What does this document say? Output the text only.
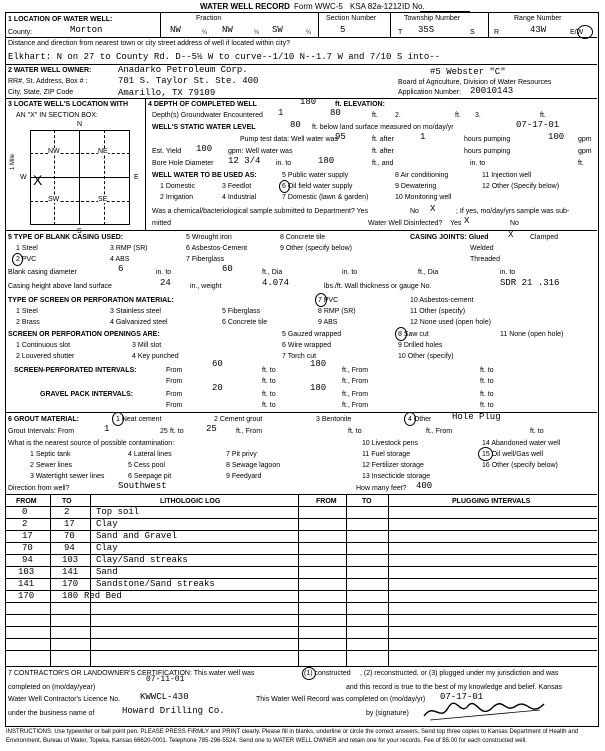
WATER WELL RECORD Form WWC-5 KSA 82a-1212 ID No.
1 LOCATION OF WATER WELL:
County:	Morton
Fraction
NW	¼ NW	¼ SW	¼
Section Number
5
Township Number
T 35S	S
Range Number
R	43W	E/W
Distance and direction from nearest town or city street address of well if located within city?
Elkhart: N on 27 to County Rd. D--5½ W to curve--1/10 N--1.7 W and 7/10 S into--
2 WATER WELL OWNER:	Anadarko Petroleum Corp.
RR#, St. Address, Box # :	701 S. Taylor St. Ste. 400
City, State, ZIP Code	Amarillo, TX 79109
#5 Webster "C"
Board of Agriculture, Division of Water Resources
Application Number: 20010143
3 LOCATE WELL'S LOCATION WITH
AN "X" IN SECTION BOX:
N
S
W	E
NW	NE
SW	SE
X
1 Mile
4 DEPTH OF COMPLETED WELL	180	ft. ELEVATION:
Depth(s) Groundwater Encountered 1	80	ft. 2.	ft. 3.	ft.
WELL'S STATIC WATER LEVEL	80 ft. below land surface measured on mo/day/yr	07-17-01
Pump test data: Well water was
95	ft. after	1	hours pumping	100 gpm
Est. Yield 100 gpm: Well water was	ft. after	hours pumping	gpm
Bore Hole Diameter 12 3/4 in. to	180	ft., and	in. to	ft.
WELL WATER TO BE USED AS:
1 Domestic
2 Irrigation
3 Feedlot
4 Industrial
5 Public water supply
6 Oil field water supply
7 Domestic (lawn & garden)
8 Air conditioning
9 Dewatering
10 Monitoring well
11 Injection well
12 Other (Specify below)
Was a chemical/bacteriological sample submitted to Department? Yes	No X	; If yes, mo/day/yrs sample was sub-
mitted	Water Well Disinfected? Yes X	No
5 TYPE OF BLANK CASING USED:
1 Steel
2 PVC
3 RMP (SR)
4 ABS
5 Wrought iron
6 Asbestos-Cement
7 Fiberglass
8 Concrete tile
9 Other (specify below)
CASING JOINTS: Glued X Clamped
Welded
Threaded
Blank casing diameter	6	in. to	60	ft., Dia	in. to	ft., Dia	in. to
Casing height above land surface	24	in., weight	4.074	lbs./ft. Wall thickness or gauge No.	SDR 21 .316
TYPE OF SCREEN OR PERFORATION MATERIAL:
1 Steel
2 Brass
3 Stainless steel
4 Galvanized steel
5 Fiberglass
6 Concrete tile
7 PVC
8 RMP (SR)
9 ABS
10 Asbestos-cement
11 Other (specify)
12 None used (open hole)
SCREEN OR PERFORATION OPENINGS ARE:
1 Continuous slot
2 Louvered shutter
3 Mill slot
4 Key punched
5 Gauzed wrapped
6 Wire wrapped
7 Torch cut
8 Saw cut
9 Drilled holes
10 Other (specify)
11 None (open hole)
SCREEN-PERFORATED INTERVALS:	From
60
ft. to
180
ft., From	ft. to
From	ft. to	ft., From	ft. to
GRAVEL PACK INTERVALS:	From
20
ft. to
180
ft., From	ft. to
From	ft. to	ft., From	ft. to
6 GROUT MATERIAL:	1 Neat cement	2 Cement grout	3 Bentonite	4 Other Hole Plug
Grout Intervals: From	1	25 ft. to 25	ft., From	ft. to	ft., From	ft. to
What is the nearest source of possible contamination:
1 Septic tank
2 Sewer lines
3 Watertight sewer lines
4 Lateral lines
5 Cess pool
6 Seepage pit
7 Pit privy
8 Sewage lagoon
9 Feedyard
10 Livestock pens
11 Fuel storage
12 Fertilizer storage
13 Insecticide storage
14 Abandoned water well
15 Oil well/Gas well
16 Other (specify below)
Direction from well?	Southwest	How many feet? 400
FROM	TO	LITHOLOGIC LOG	FROM	TO	PLUGGING INTERVALS
0	2	Top soil
2	17 Clay
17	70 Sand and Gravel
70	94 Clay
94	103 Clay/Sand streaks
103	141 Sand
141	170 Sandstone/Sand streaks
170	180 Red Bed
7 CONTRACTOR'S OR LANDOWNER'S CERTIFICATION: This water well was	(1) constructed , (2) reconstructed, or (3) plugged under my jurisdiction and was
07-11-01
completed on (mo/day/year)	and this record is true to the best of my knowledge and belief. Kansas
Water Well Contractor's Licence No. KWWCL-430	This Water Well Record was completed on (mo/day/yr) 07-17-01
under the business name of	Howard Drilling Co.	by (signature)
INSTRUCTIONS: Use typewriter or ball point pen. PLEASE PRESS FIRMLY and PRINT clearly. Please fill in blanks, underline or circle the correct answers. Send top three copies to Kansas Department of Health and
Environment, Bureau of Water, Topeka, Kansas 66620-0001. Telephone 785-296-5524. Send one to WATER WELL OWNER and retain one for your records. Fee of $5.00 for each constructed well.
